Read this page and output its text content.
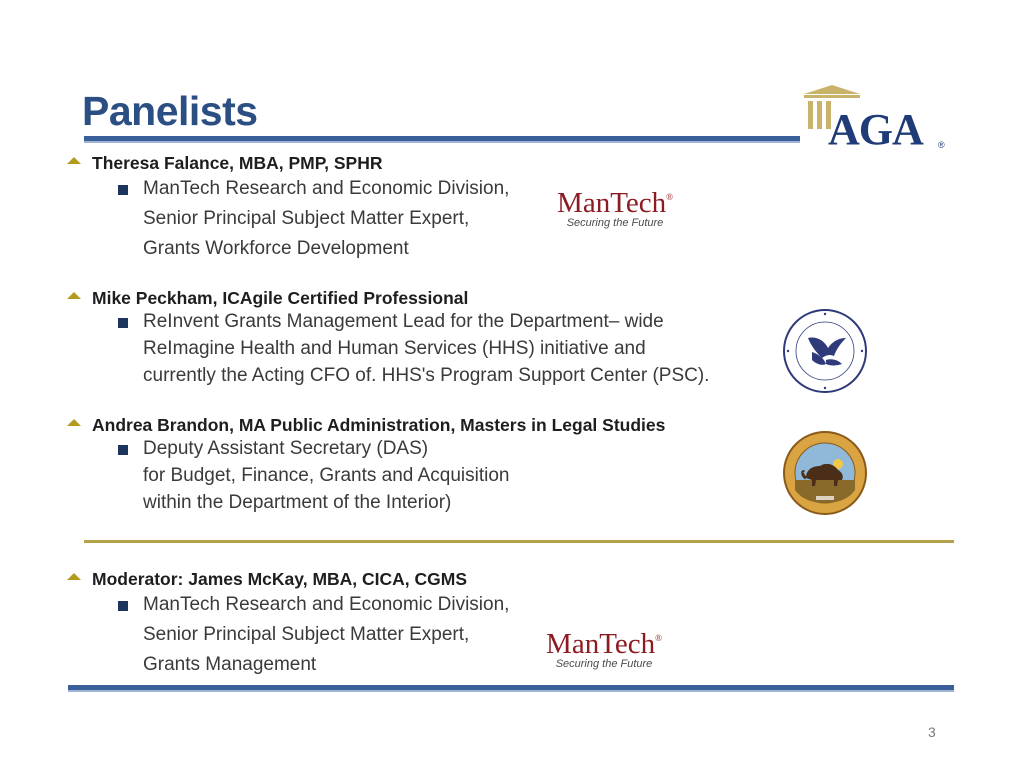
Panelists	AGA ®
Theresa Falance, MBA, PMP, SPHR
ManTech Research and Economic Division,
Senior Principal Subject Matter Expert,
Grants Workforce Development
ManTech®
Securing the Future
Mike Peckham, ICAgile Certified Professional
ReInvent Grants Management Lead for the Department– wide
ReImagine Health and Human Services (HHS) initiative and
currently the Acting CFO of. HHS's Program Support Center (PSC).
Andrea Brandon, MA Public Administration, Masters in Legal Studies
Deputy Assistant Secretary (DAS)
for Budget, Finance, Grants and Acquisition
within the Department of the Interior)
Moderator: James McKay, MBA, CICA, CGMS
ManTech Research and Economic Division,
Senior Principal Subject Matter Expert,
Grants Management
ManTech®
Securing the Future
3
